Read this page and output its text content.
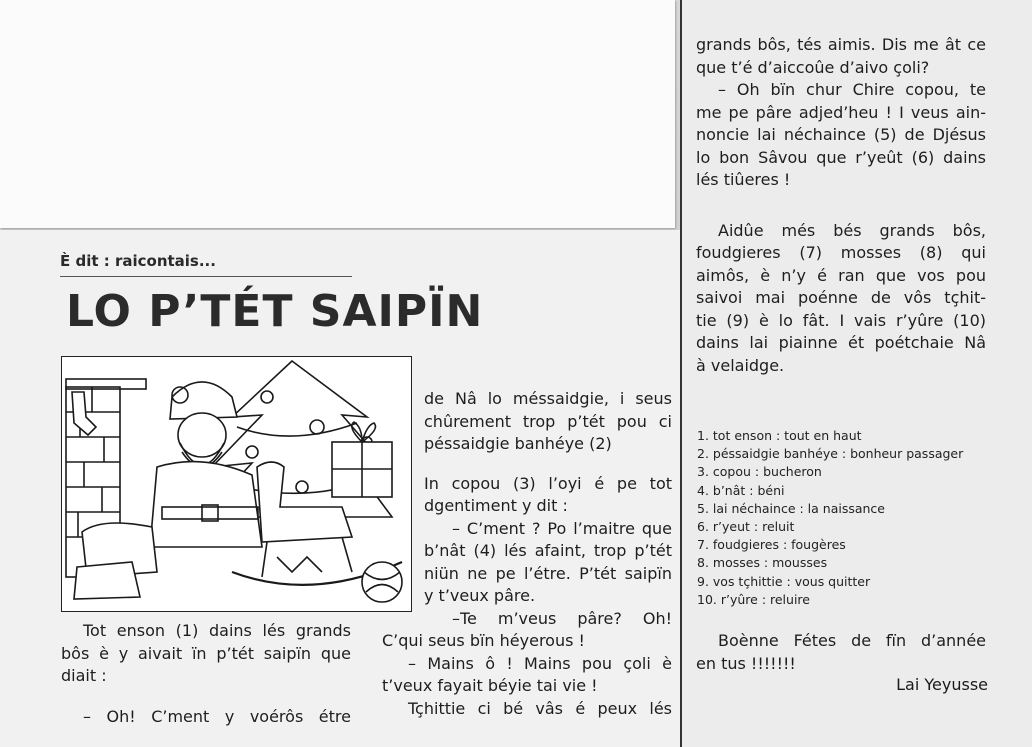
È dit : raicontais...
LO P’TÉT SAIPÏN

Tot enson (1) dains lés grands

bôs è y aivait ïn p’tét saipïn que

diait :

– Oh! C’ment y voérôs étre

de Nâ lo méssaidgie, i seus

chûrement trop p’tét pou ci

péssaidgie banhéye (2)

In copou (3) l’oyi é pe tot

dgentiment y dit :

– C’ment ? Po l’maitre que

b’nât (4) lés afaint, trop p’tét

niün ne pe l’étre. P’tét saipïn

y t’veux pâre.

–Te m’veus pâre? Oh!

C’qui seus bïn héyerous !

– Mains ô ! Mains pou çoli è

t’veux fayait béyie tai vie !

Tçhittie ci bé vâs é peux lés

grands bôs, tés aimis. Dis me ât ce

que t’é d’aiccoûe d’aivo çoli?

– Oh bïn chur Chire copou, te

me pe pâre adjed’heu ! I veus ain-

noncie lai néchaince (5) de Djésus

lo bon Sâvou que r’yeût (6) dains

lés tiûeres !

Aidûe més bés grands bôs,

foudgieres (7) mosses (8) qui

aimôs, è n’y é ran que vos pou

saivoi mai poénne de vôs tçhit-

tie (9) è lo fât. I vais r’yûre (10)

dains lai piainne ét poétchaie Nâ

à velaidge.

1. tot enson : tout en haut
2. péssaidgie banhéye : bonheur passager
3. copou : bucheron
4. b’nât : béni
5. lai néchaince : la naissance
6. r’yeut : reluit
7. foudgieres : fougères
8. mosses : mousses
9. vos tçhittie : vous quitter
10. r’yûre : reluire

Boènne Fétes de fïn d’année

en tus !!!!!!!

Lai Yeyusse
